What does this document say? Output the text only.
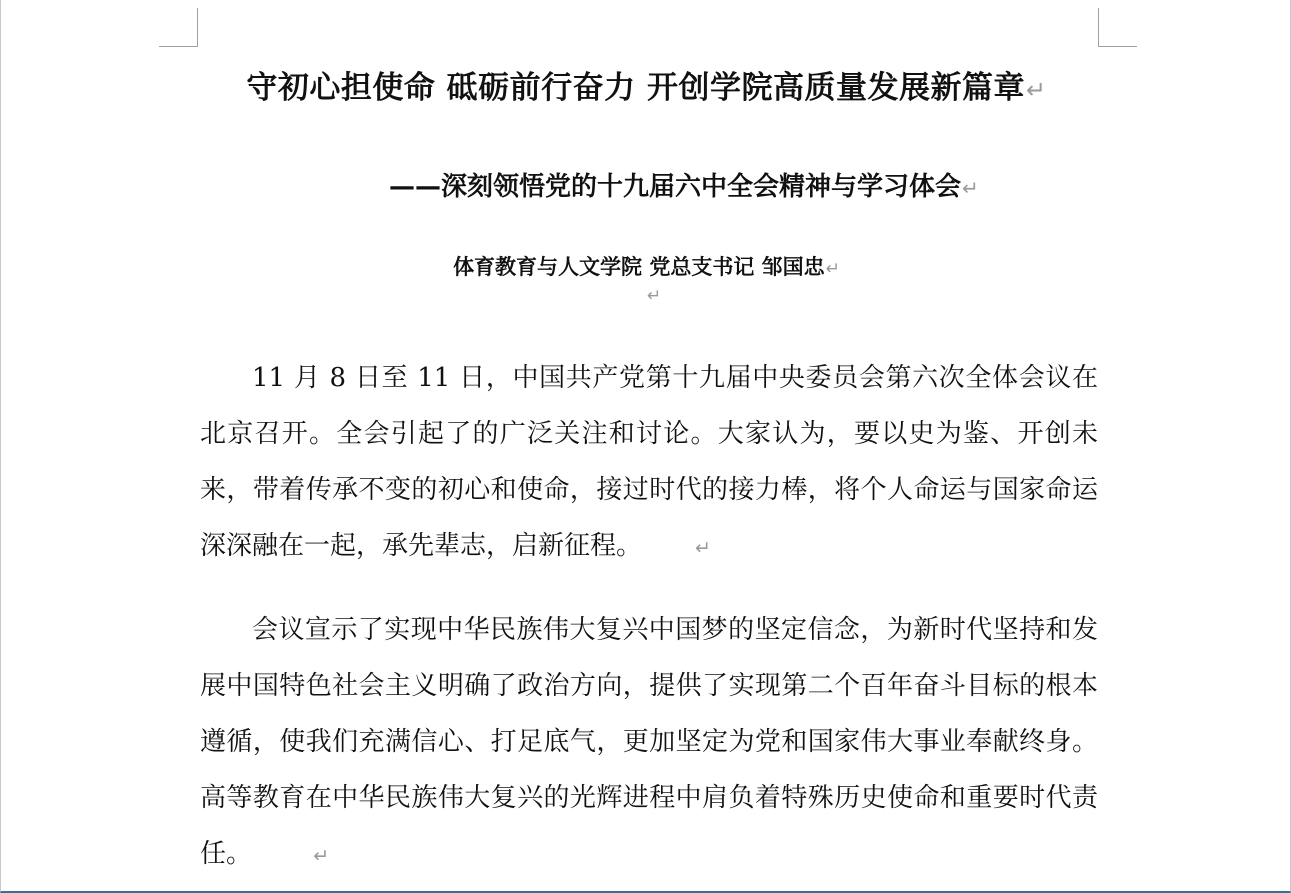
守初心担使命 砥砺前行奋力 开创学院高质量发展新篇章↵
——深刻领悟党的十九届六中全会精神与学习体会↵
体育教育与人文学院 党总支书记 邹国忠↵
↵

11 月 8 日至 11 日，中国共产党第十九届中央委员会第六次全体会议在北京召开。全会引起了的广泛关注和讨论。大家认为，要以史为鉴、开创未来，带着传承不变的初心和使命，接过时代的接力棒，将个人命运与国家命运深深融在一起，承先辈志，启新征程。	↵

会议宣示了实现中华民族伟大复兴中国梦的坚定信念，为新时代坚持和发展中国特色社会主义明确了政治方向，提供了实现第二个百年奋斗目标的根本遵循，使我们充满信心、打足底气，更加坚定为党和国家伟大事业奉献终身。高等教育在中华民族伟大复兴的光辉进程中肩负着特殊历史使命和重要时代责任。	↵
